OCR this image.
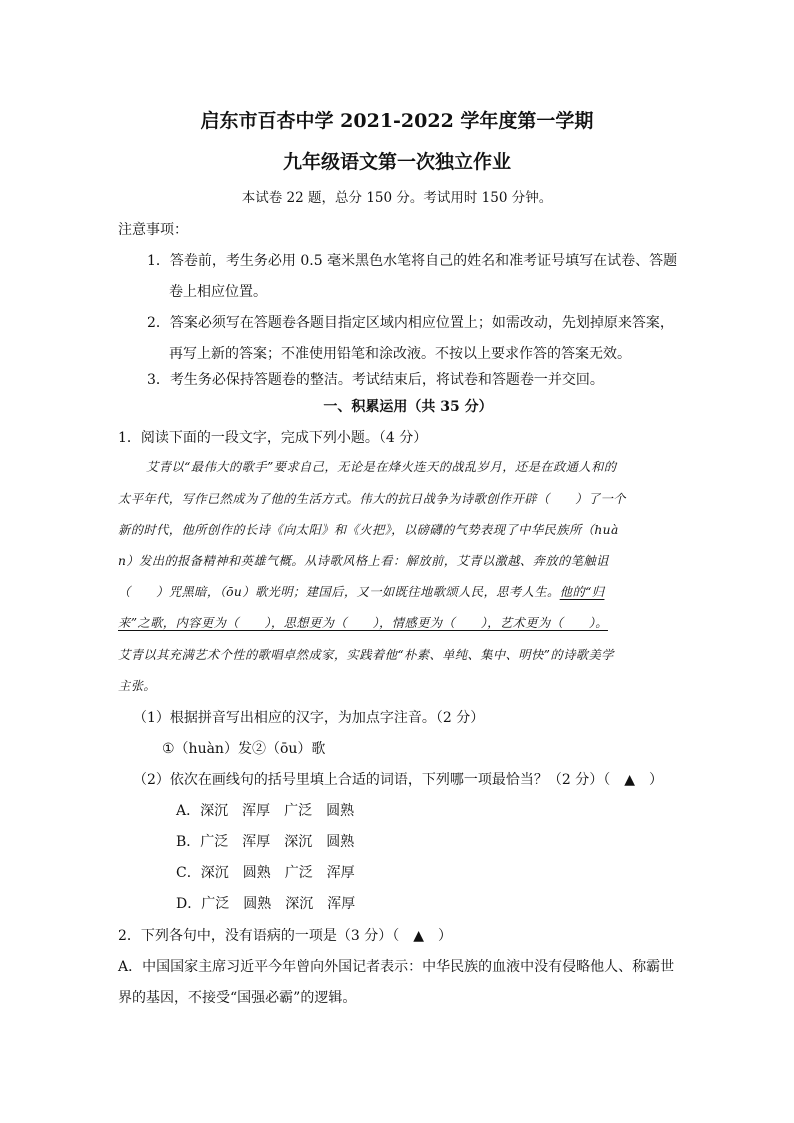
启东市百杏中学 2021-2022 学年度第一学期
九年级语文第一次独立作业
本试卷 22 题，总分 150 分。考试用时 150 分钟。
注意事项：
1．答卷前，考生务必用 0.5 毫米黑色水笔将自己的姓名和准考证号填写在试卷、答题
卷上相应位置。
2．答案必须写在答题卷各题目指定区域内相应位置上；如需改动，先划掉原来答案，
再写上新的答案；不准使用铅笔和涂改液。不按以上要求作答的答案无效。
3．考生务必保持答题卷的整洁。考试结束后，将试卷和答题卷一并交回。
一、积累运用（共 35 分）
1．阅读下面的一段文字，完成下列小题。（4 分）
艾青以“最伟大的歌手”要求自己，无论是在烽火连天的战乱岁月，还是在政通人和的
太平年代，写作已然成为了他的生活方式。伟大的抗日战争为诗歌创作开辟（　　）了一个
新的时代，他所创作的长诗《向太阳》和《火把》，以磅礴的气势表现了中华民族所（huà
n）发出的报备精神和英雄气概。从诗歌风格上看：解放前，艾青以激越、奔放的笔触诅
（　　）咒黑暗，（ōu）歌光明；建国后，又一如既往地歌颂人民，思考人生。他的“归
来”之歌，内容更为（　　），思想更为（　　），情感更为（　　），艺术更为（　　）。
艾青以其充满艺术个性的歌唱卓然成家，实践着他“朴素、单纯、集中、明快”的诗歌美学
主张。
（1）根据拼音写出相应的汉字，为加点字注音。（2 分）
①（huàn）发②（ōu）歌
（2）依次在画线句的括号里填上合适的词语，下列哪一项最恰当？（2 分）（　▲　）
A．深沉　浑厚　广泛　圆熟
B．广泛　浑厚　深沉　圆熟
C．深沉　圆熟　广泛　浑厚
D．广泛　圆熟　深沉　浑厚
2．下列各句中，没有语病的一项是（3 分）（　▲　）
A．中国国家主席习近平今年曾向外国记者表示：中华民族的血液中没有侵略他人、称霸世
界的基因，不接受“国强必霸”的逻辑。
